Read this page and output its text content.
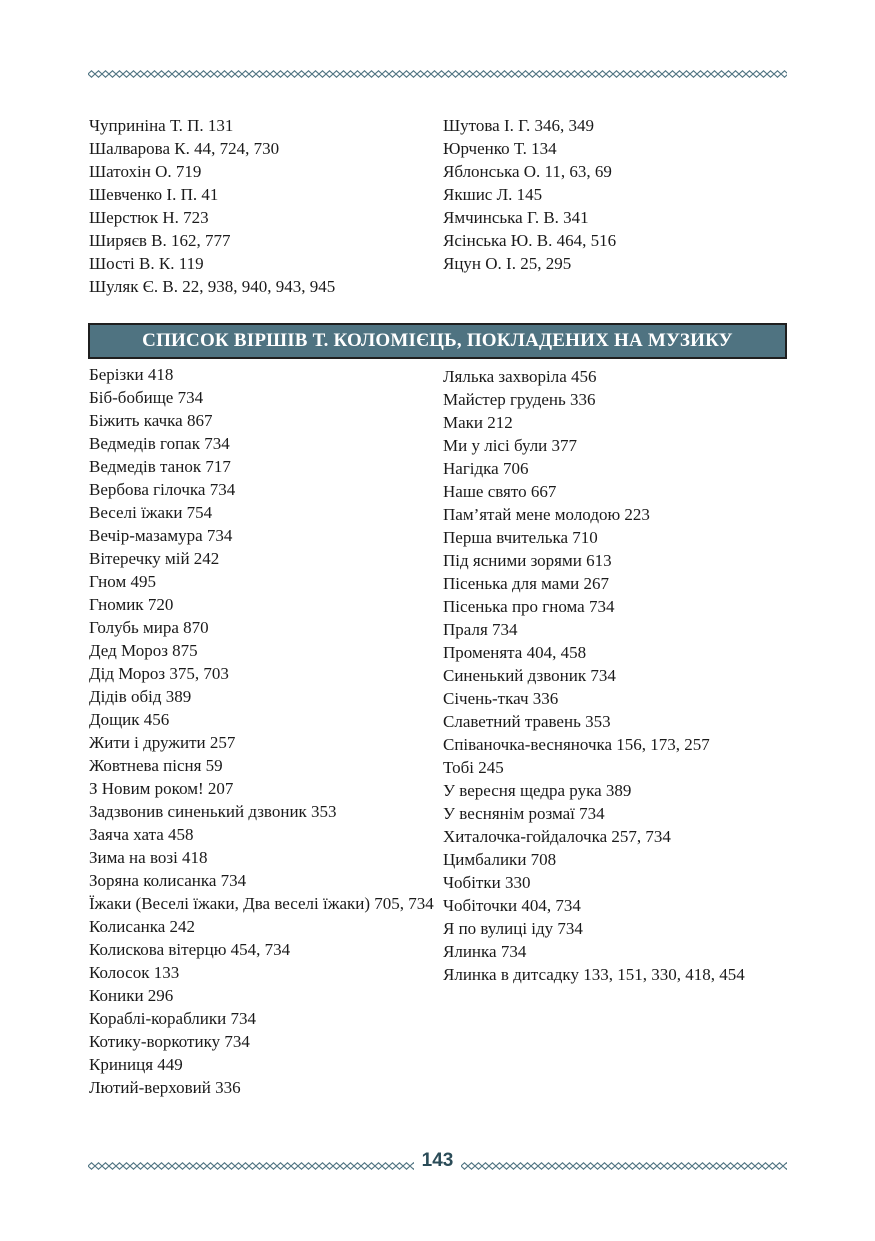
Чуприніна Т. П. 131
Шалварова К. 44, 724, 730
Шатохін О. 719
Шевченко І. П. 41
Шерстюк Н. 723
Ширяєв В. 162, 777
Шості В. К. 119
Шуляк Є. В. 22, 938, 940, 943, 945
Шутова І. Г. 346, 349
Юрченко Т. 134
Яблонська О. 11, 63, 69
Якшис Л. 145
Ямчинська Г. В. 341
Ясінська Ю. В. 464, 516
Яцун О. І. 25, 295
СПИСОК ВІРШІВ Т. КОЛОМІЄЦЬ, ПОКЛАДЕНИХ НА МУЗИКУ
Берізки 418
Біб-бобище 734
Біжить качка 867
Ведмедів гопак 734
Ведмедів танок 717
Вербова гілочка 734
Веселі їжаки 754
Вечір-мазамура 734
Вітеречку мій 242
Гном 495
Гномик 720
Голубь мира 870
Дед Мороз 875
Дід Мороз 375, 703
Дідів обід 389
Дощик 456
Жити і дружити 257
Жовтнева пісня 59
З Новим роком! 207
Задзвонив синенький дзвоник 353
Заяча хата 458
Зима на возі 418
Зоряна колисанка 734
Їжаки (Веселі їжаки, Два веселі їжаки) 705, 734
Колисанка 242
Колискова вітерцю 454, 734
Колосок 133
Коники 296
Кораблі-кораблики 734
Котику-воркотику 734
Криниця 449
Лютий-верховий 336
Лялька захворіла 456
Майстер грудень 336
Маки 212
Ми у лісі були 377
Нагідка 706
Наше свято 667
Пам’ятай мене молодою 223
Перша вчителька 710
Під ясними зорями 613
Пісенька для мами 267
Пісенька про гнома 734
Праля 734
Променята 404, 458
Синенький дзвоник 734
Січень-ткач 336
Славетний травень 353
Співаночка-весняночка 156, 173, 257
Тобі 245
У вересня щедра рука 389
У веснянім розмаї 734
Хиталочка-гойдалочка 257, 734
Цимбалики 708
Чобітки 330
Чобіточки 404, 734
Я по вулиці іду 734
Ялинка 734
Ялинка в дитсадку 133, 151, 330, 418, 454
143
